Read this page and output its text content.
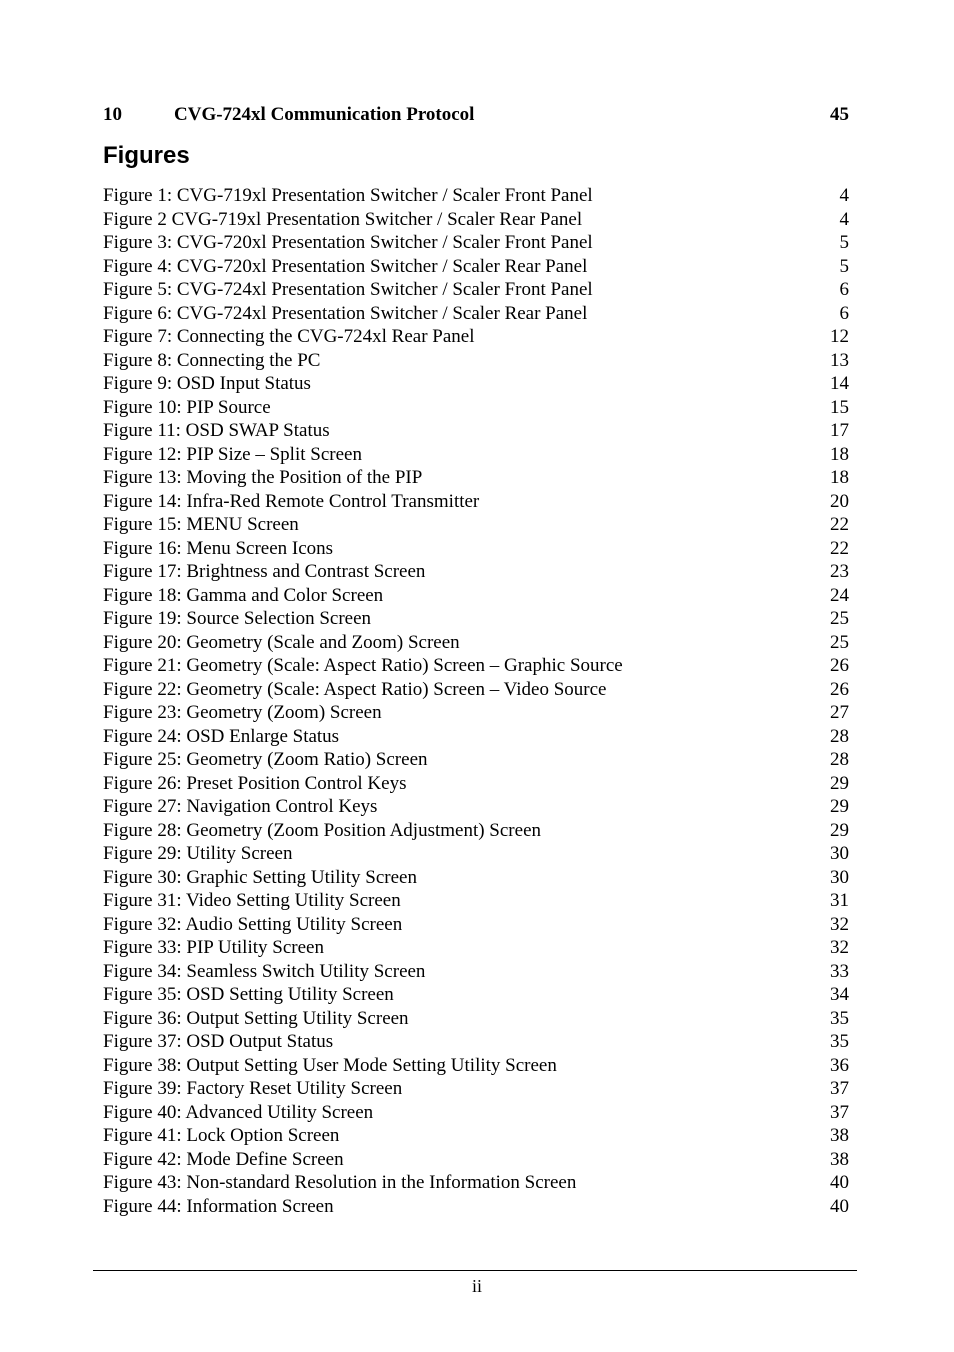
10	CVG-724xl Communication Protocol	45
Figures
Figure 1: CVG-719xl Presentation Switcher / Scaler Front Panel	4
Figure 2 CVG-719xl Presentation Switcher / Scaler Rear Panel	4
Figure 3: CVG-720xl Presentation Switcher / Scaler Front Panel	5
Figure 4: CVG-720xl Presentation Switcher / Scaler Rear Panel	5
Figure 5: CVG-724xl Presentation Switcher / Scaler Front Panel	6
Figure 6: CVG-724xl Presentation Switcher / Scaler Rear Panel	6
Figure 7: Connecting the CVG-724xl Rear Panel	12
Figure 8: Connecting the PC	13
Figure 9: OSD Input Status	14
Figure 10: PIP Source	15
Figure 11: OSD SWAP Status	17
Figure 12: PIP Size – Split Screen	18
Figure 13: Moving the Position of the PIP	18
Figure 14: Infra-Red Remote Control Transmitter	20
Figure 15: MENU Screen	22
Figure 16: Menu Screen Icons	22
Figure 17: Brightness and Contrast Screen	23
Figure 18: Gamma and Color Screen	24
Figure 19: Source Selection Screen	25
Figure 20: Geometry (Scale and Zoom) Screen	25
Figure 21: Geometry (Scale: Aspect Ratio) Screen – Graphic Source	26
Figure 22: Geometry (Scale: Aspect Ratio) Screen – Video Source	26
Figure 23: Geometry (Zoom) Screen	27
Figure 24: OSD Enlarge Status	28
Figure 25: Geometry (Zoom Ratio) Screen	28
Figure 26: Preset Position Control Keys	29
Figure 27: Navigation Control Keys	29
Figure 28: Geometry (Zoom Position Adjustment) Screen	29
Figure 29: Utility Screen	30
Figure 30: Graphic Setting Utility Screen	30
Figure 31: Video Setting Utility Screen	31
Figure 32: Audio Setting Utility Screen	32
Figure 33: PIP Utility Screen	32
Figure 34: Seamless Switch Utility Screen	33
Figure 35: OSD Setting Utility Screen	34
Figure 36: Output Setting Utility Screen	35
Figure 37: OSD Output Status	35
Figure 38: Output Setting User Mode Setting Utility Screen	36
Figure 39: Factory Reset Utility Screen	37
Figure 40: Advanced Utility Screen	37
Figure 41: Lock Option Screen	38
Figure 42: Mode Define Screen	38
Figure 43: Non-standard Resolution in the Information Screen	40
Figure 44: Information Screen	40
ii
